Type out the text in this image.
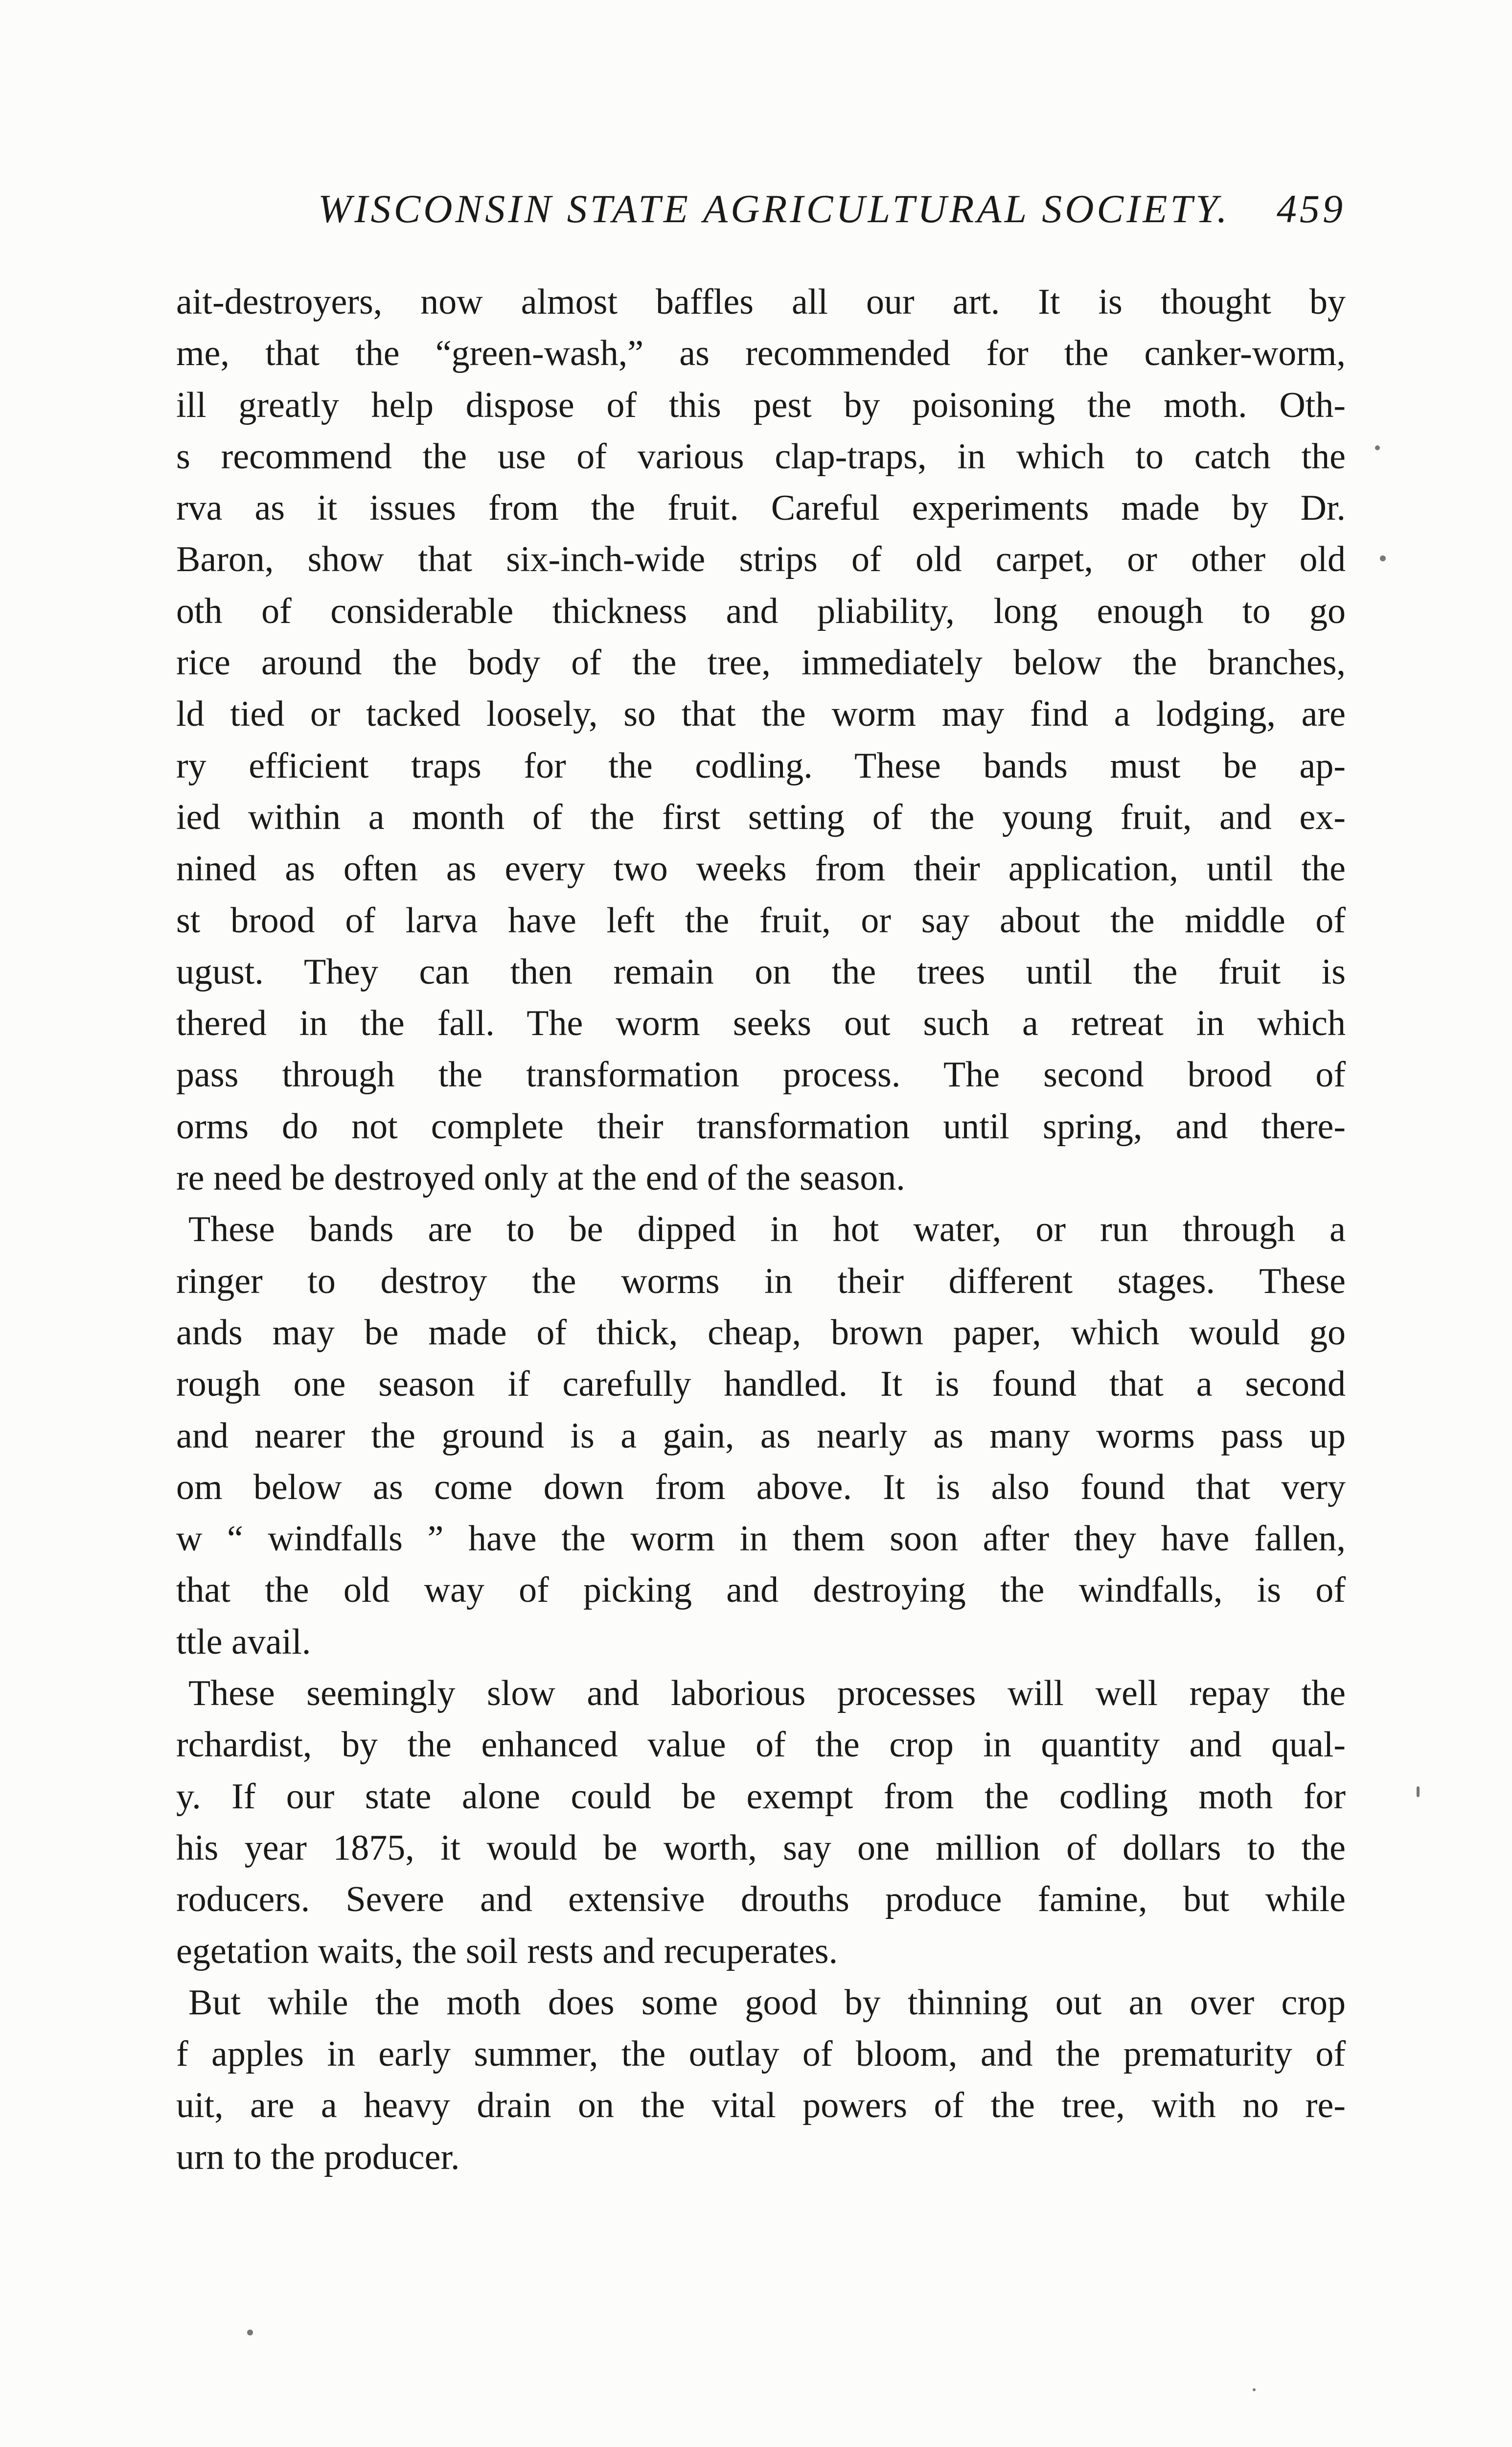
WISCONSIN STATE AGRICULTURAL SOCIETY. 459
ait-destroyers, now almost baffles all our art. It is thought by
me, that the “green-wash,” as recommended for the canker-worm,
ill greatly help dispose of this pest by poisoning the moth. Oth-
s recommend the use of various clap-traps, in which to catch the
rva as it issues from the fruit. Careful experiments made by Dr.
Baron, show that six-inch-wide strips of old carpet, or other old
oth of considerable thickness and pliability, long enough to go
rice around the body of the tree, immediately below the branches,
ld tied or tacked loosely, so that the worm may find a lodging, are
ry efficient traps for the codling. These bands must be ap-
ied within a month of the first setting of the young fruit, and ex-
nined as often as every two weeks from their application, until the
st brood of larva have left the fruit, or say about the middle of
ugust. They can then remain on the trees until the fruit is
thered in the fall. The worm seeks out such a retreat in which
pass through the transformation process. The second brood of
orms do not complete their transformation until spring, and there-
re need be destroyed only at the end of the season.
These bands are to be dipped in hot water, or run through a
ringer to destroy the worms in their different stages. These
ands may be made of thick, cheap, brown paper, which would go
rough one season if carefully handled. It is found that a second
and nearer the ground is a gain, as nearly as many worms pass up
om below as come down from above. It is also found that very
w “ windfalls ” have the worm in them soon after they have fallen,
that the old way of picking and destroying the windfalls, is of
ttle avail.
These seemingly slow and laborious processes will well repay the
rchardist, by the enhanced value of the crop in quantity and qual-
y. If our state alone could be exempt from the codling moth for
his year 1875, it would be worth, say one million of dollars to the
roducers. Severe and extensive drouths produce famine, but while
egetation waits, the soil rests and recuperates.
But while the moth does some good by thinning out an over crop
f apples in early summer, the outlay of bloom, and the prematurity of
uit, are a heavy drain on the vital powers of the tree, with no re-
urn to the producer.
